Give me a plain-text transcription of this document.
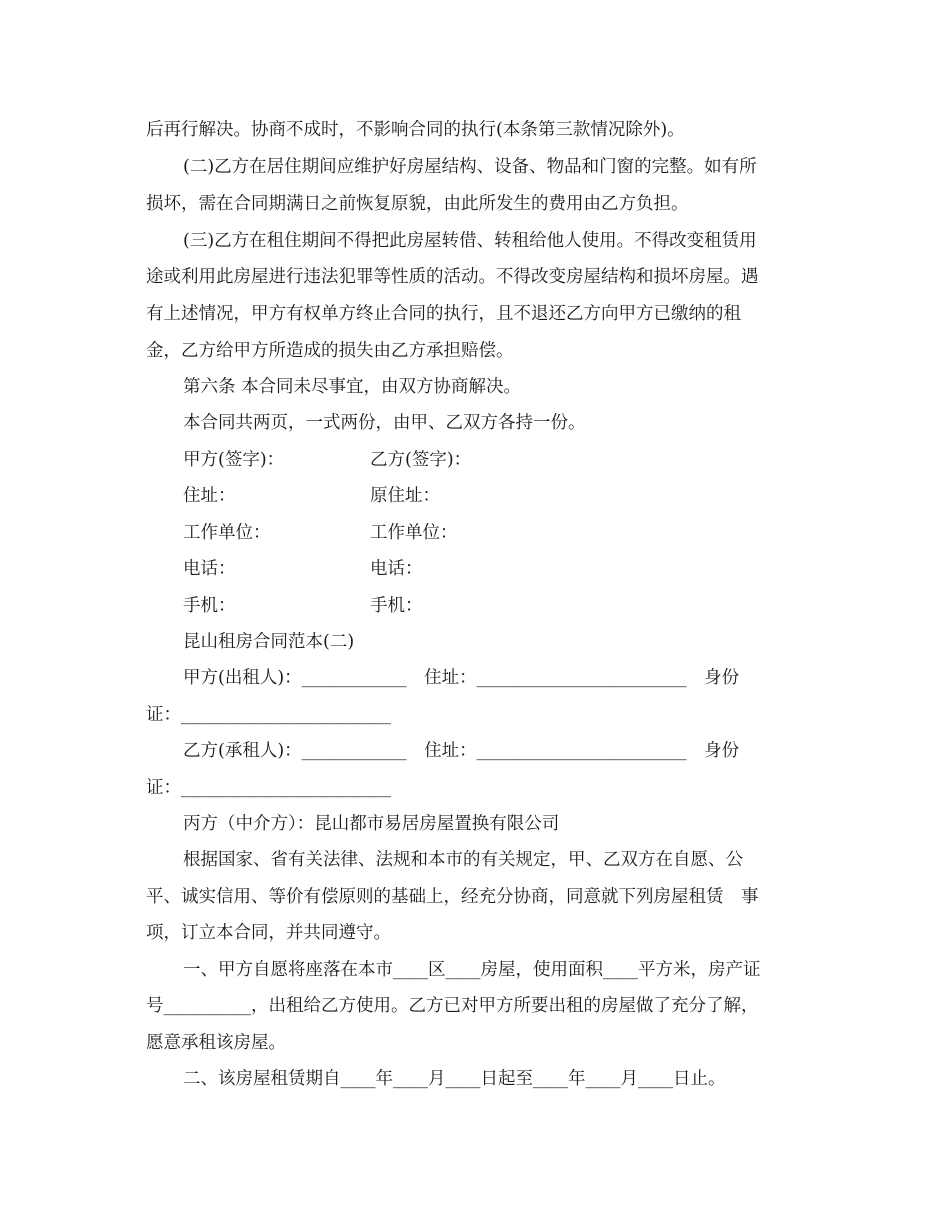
后再行解决。协商不成时，不影响合同的执行(本条第三款情况除外)。
(二)乙方在居住期间应维护好房屋结构、设备、物品和门窗的完整。如有所
损坏，需在合同期满日之前恢复原貌，由此所发生的费用由乙方负担。
(三)乙方在租住期间不得把此房屋转借、转租给他人使用。不得改变租赁用
途或利用此房屋进行违法犯罪等性质的活动。不得改变房屋结构和损坏房屋。遇
有上述情况，甲方有权单方终止合同的执行，且不退还乙方向甲方已缴纳的租
金，乙方给甲方所造成的损失由乙方承担赔偿。
第六条 本合同未尽事宜，由双方协商解决。
本合同共两页，一式两份，由甲、乙双方各持一份。
甲方(签字)：	乙方(签字)：
住址：	原住址：
工作单位：	工作单位：
电话：	电话：
手机：	手机：
昆山租房合同范本(二)
甲方(出租人)：____________　住址：________________________　身份
证：________________________
乙方(承租人)：____________　住址：________________________　身份
证：________________________
丙方（中介方）：昆山都市易居房屋置换有限公司
根据国家、省有关法律、法规和本市的有关规定，甲、乙双方在自愿、公
平、诚实信用、等价有偿原则的基础上，经充分协商，同意就下列房屋租赁　事
项，订立本合同，并共同遵守。
一、甲方自愿将座落在本市____区____房屋，使用面积____平方米，房产证
号__________，出租给乙方使用。乙方已对甲方所要出租的房屋做了充分了解，
愿意承租该房屋。
二、该房屋租赁期自____年____月____日起至____年____月____日止。
